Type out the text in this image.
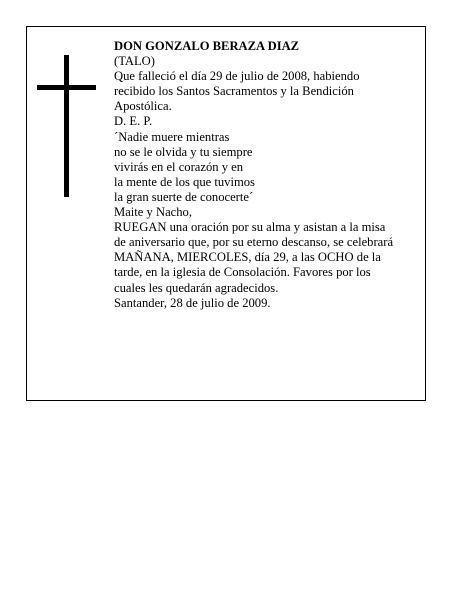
DON GONZALO BERAZA DIAZ
(TALO)
Que falleció el día 29 de julio de 2008, habiendo
recibido los Santos Sacramentos y la Bendición
Apostólica.
D. E. P.
´Nadie muere mientras
no se le olvida y tu siempre
vivirás en el corazón y en
la mente de los que tuvimos
la gran suerte de conocerte´
Maite y Nacho,
RUEGAN una oración por su alma y asistan a la misa
de aniversario que, por su eterno descanso, se celebrará
MAÑANA, MIERCOLES, día 29, a las OCHO de la
tarde, en la iglesia de Consolación. Favores por los
cuales les quedarán agradecidos.
Santander, 28 de julio de 2009.
